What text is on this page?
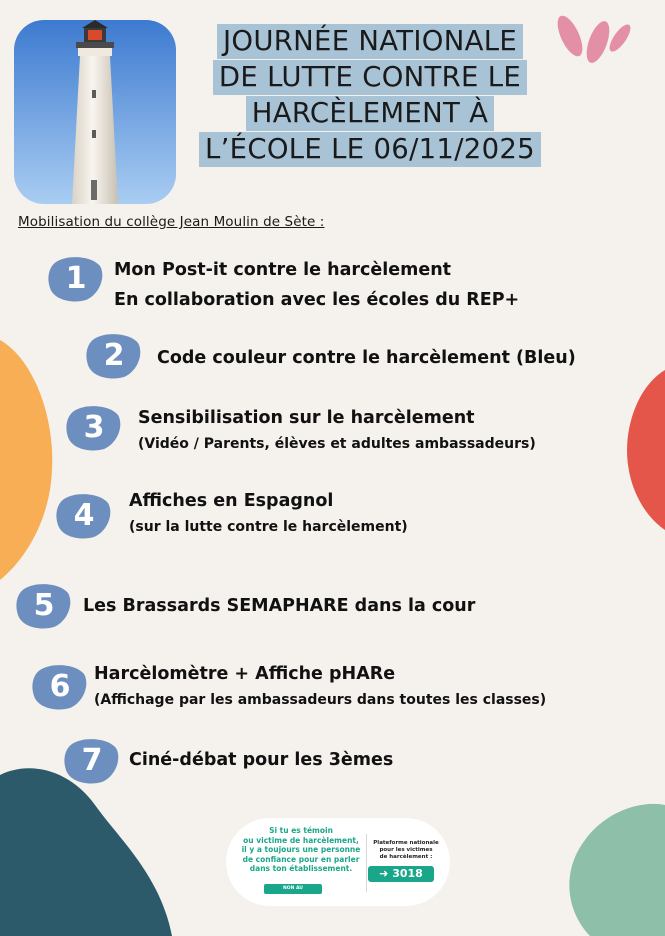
JOURNÉE NATIONALE
DE LUTTE CONTRE LE
HARCÈLEMENT À
L’ÉCOLE LE 06/11/2025
Mobilisation du collège Jean Moulin de Sète :
1	Mon Post-it contre le harcèlement
En collaboration avec les écoles du REP+
2	Code couleur contre le harcèlement (Bleu)
3	Sensibilisation sur le harcèlement
(Vidéo / Parents, élèves et adultes ambassadeurs)
4	Affiches en Espagnol
(sur la lutte contre le harcèlement)
5	Les Brassards SEMAPHARE dans la cour
6	Harcèlomètre + Affiche pHARe
(Affichage par les ambassadeurs dans toutes les classes)
7	Ciné-débat pour les 3èmes
Si tu es témoin
ou victime de harcèlement,
il y a toujours une personne
de confiance pour en parler
dans ton établissement.
NON AU HARCÈLEMENT
Plateforme nationale
pour les victimes
de harcèlement :
➜ 3018
